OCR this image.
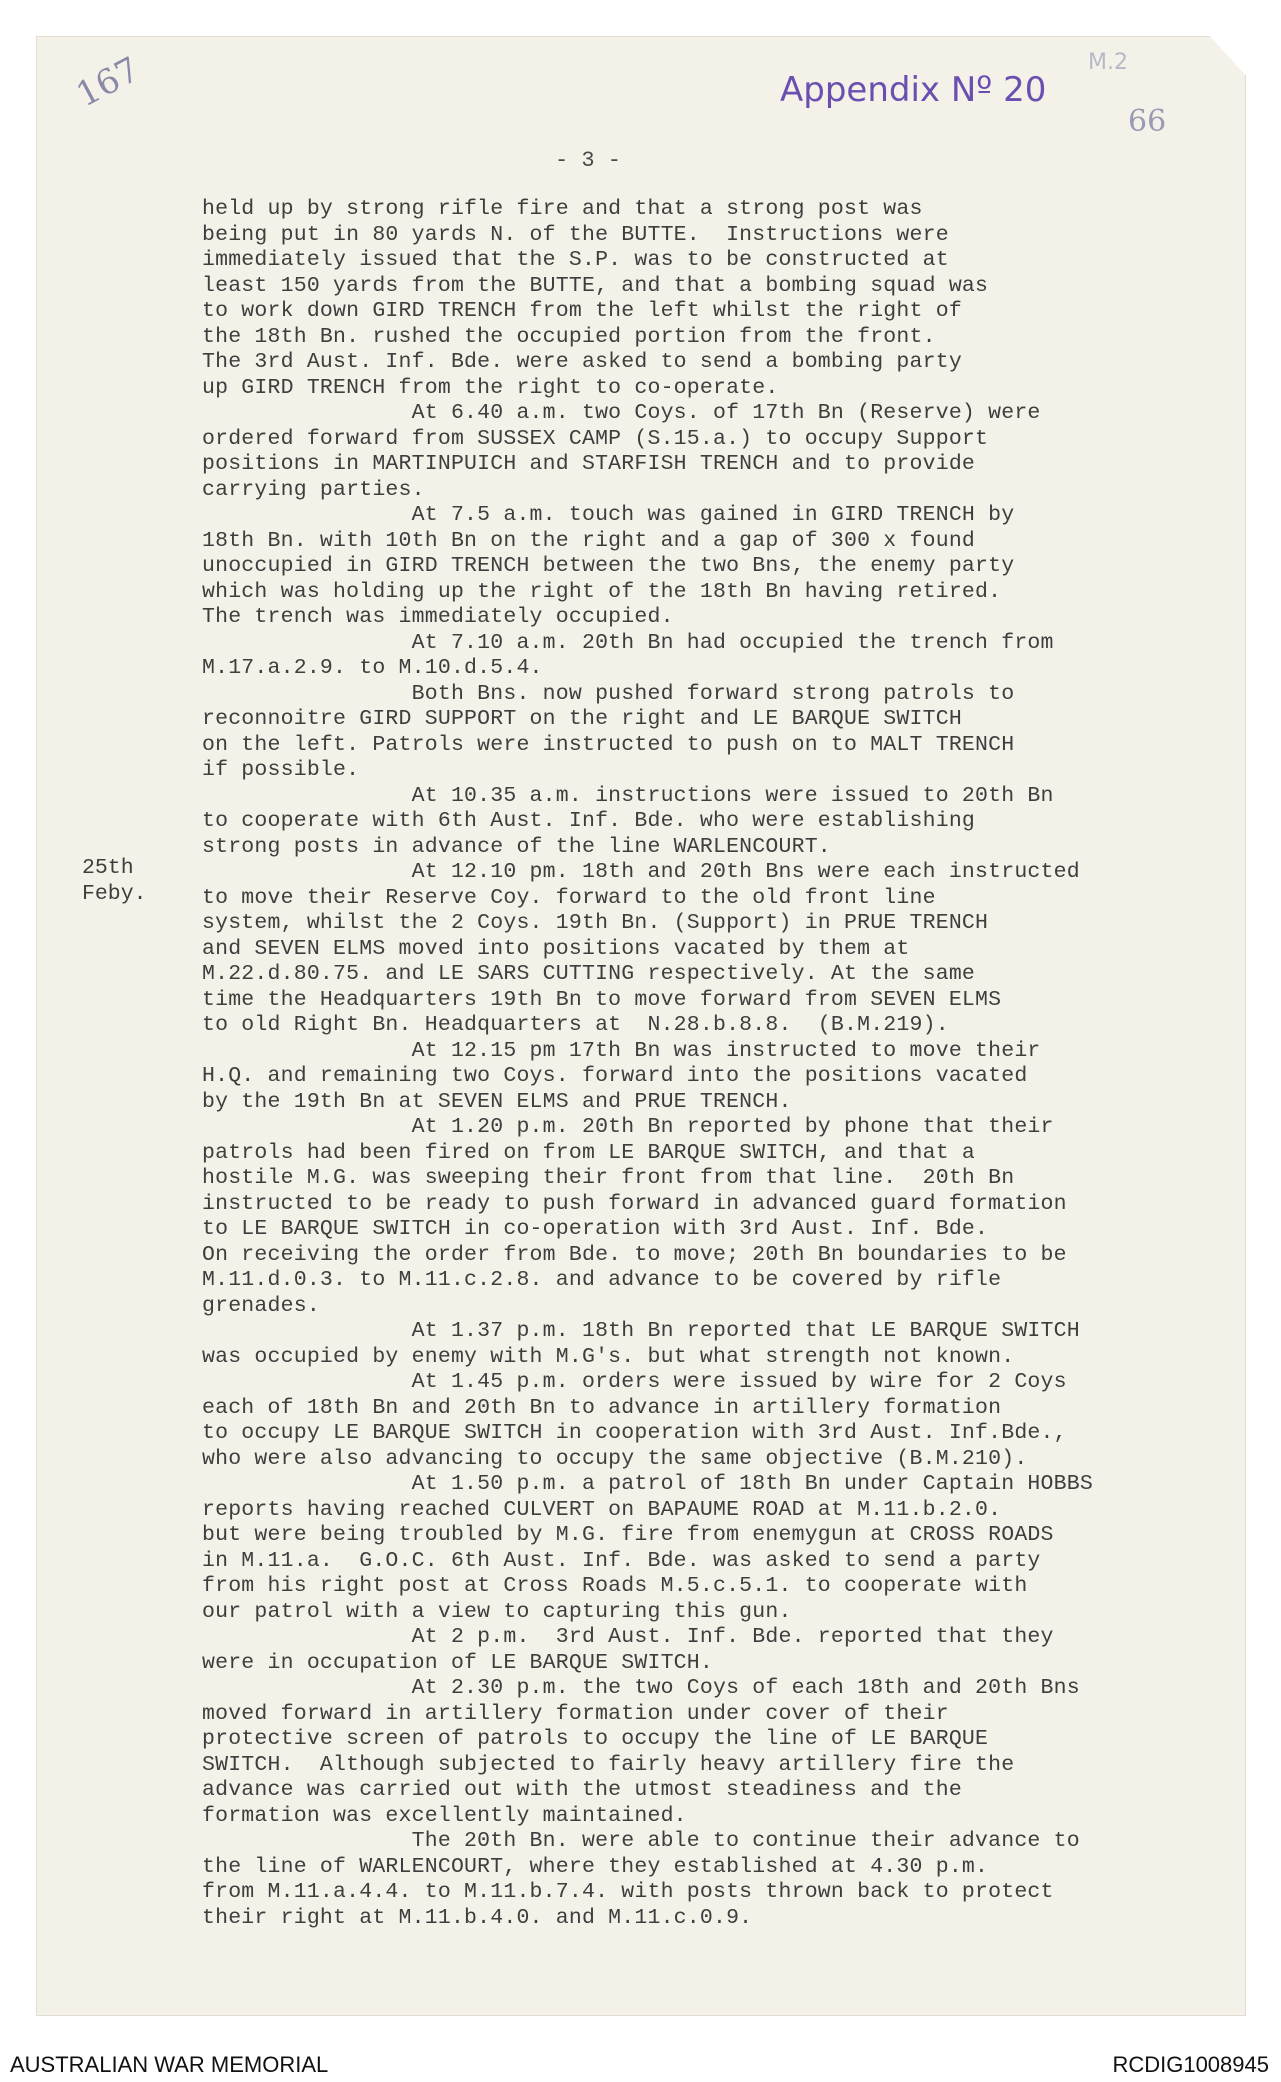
167	M.2
Appendix Nº 20
66
- 3 -
25th
Feby.
held up by strong rifle fire and that a strong post was
being put in 80 yards N. of the BUTTE.  Instructions were
immediately issued that the S.P. was to be constructed at
least 150 yards from the BUTTE, and that a bombing squad was
to work down GIRD TRENCH from the left whilst the right of
the 18th Bn. rushed the occupied portion from the front.
The 3rd Aust. Inf. Bde. were asked to send a bombing party
up GIRD TRENCH from the right to co-operate.
At 6.40 a.m. two Coys. of 17th Bn (Reserve) were
ordered forward from SUSSEX CAMP (S.15.a.) to occupy Support
positions in MARTINPUICH and STARFISH TRENCH and to provide
carrying parties.
At 7.5 a.m. touch was gained in GIRD TRENCH by
18th Bn. with 10th Bn on the right and a gap of 300 x found
unoccupied in GIRD TRENCH between the two Bns, the enemy party
which was holding up the right of the 18th Bn having retired.
The trench was immediately occupied.
At 7.10 a.m. 20th Bn had occupied the trench from
M.17.a.2.9. to M.10.d.5.4.
Both Bns. now pushed forward strong patrols to
reconnoitre GIRD SUPPORT on the right and LE BARQUE SWITCH
on the left. Patrols were instructed to push on to MALT TRENCH
if possible.
At 10.35 a.m. instructions were issued to 20th Bn
to cooperate with 6th Aust. Inf. Bde. who were establishing
strong posts in advance of the line WARLENCOURT.
At 12.10 pm. 18th and 20th Bns were each instructed
to move their Reserve Coy. forward to the old front line
system, whilst the 2 Coys. 19th Bn. (Support) in PRUE TRENCH
and SEVEN ELMS moved into positions vacated by them at
M.22.d.80.75. and LE SARS CUTTING respectively. At the same
time the Headquarters 19th Bn to move forward from SEVEN ELMS
to old Right Bn. Headquarters at  N.28.b.8.8.  (B.M.219).
At 12.15 pm 17th Bn was instructed to move their
H.Q. and remaining two Coys. forward into the positions vacated
by the 19th Bn at SEVEN ELMS and PRUE TRENCH.
At 1.20 p.m. 20th Bn reported by phone that their
patrols had been fired on from LE BARQUE SWITCH, and that a
hostile M.G. was sweeping their front from that line.  20th Bn
instructed to be ready to push forward in advanced guard formation
to LE BARQUE SWITCH in co-operation with 3rd Aust. Inf. Bde.
On receiving the order from Bde. to move; 20th Bn boundaries to be
M.11.d.0.3. to M.11.c.2.8. and advance to be covered by rifle
grenades.
At 1.37 p.m. 18th Bn reported that LE BARQUE SWITCH
was occupied by enemy with M.G's. but what strength not known.
At 1.45 p.m. orders were issued by wire for 2 Coys
each of 18th Bn and 20th Bn to advance in artillery formation
to occupy LE BARQUE SWITCH in cooperation with 3rd Aust. Inf.Bde.,
who were also advancing to occupy the same objective (B.M.210).
At 1.50 p.m. a patrol of 18th Bn under Captain HOBBS
reports having reached CULVERT on BAPAUME ROAD at M.11.b.2.0.
but were being troubled by M.G. fire from enemygun at CROSS ROADS
in M.11.a.  G.O.C. 6th Aust. Inf. Bde. was asked to send a party
from his right post at Cross Roads M.5.c.5.1. to cooperate with
our patrol with a view to capturing this gun.
At 2 p.m.  3rd Aust. Inf. Bde. reported that they
were in occupation of LE BARQUE SWITCH.
At 2.30 p.m. the two Coys of each 18th and 20th Bns
moved forward in artillery formation under cover of their
protective screen of patrols to occupy the line of LE BARQUE
SWITCH.  Although subjected to fairly heavy artillery fire the
advance was carried out with the utmost steadiness and the
formation was excellently maintained.
The 20th Bn. were able to continue their advance to
the line of WARLENCOURT, where they established at 4.30 p.m.
from M.11.a.4.4. to M.11.b.7.4. with posts thrown back to protect
their right at M.11.b.4.0. and M.11.c.0.9.
AUSTRALIAN WAR MEMORIAL	RCDIG1008945
